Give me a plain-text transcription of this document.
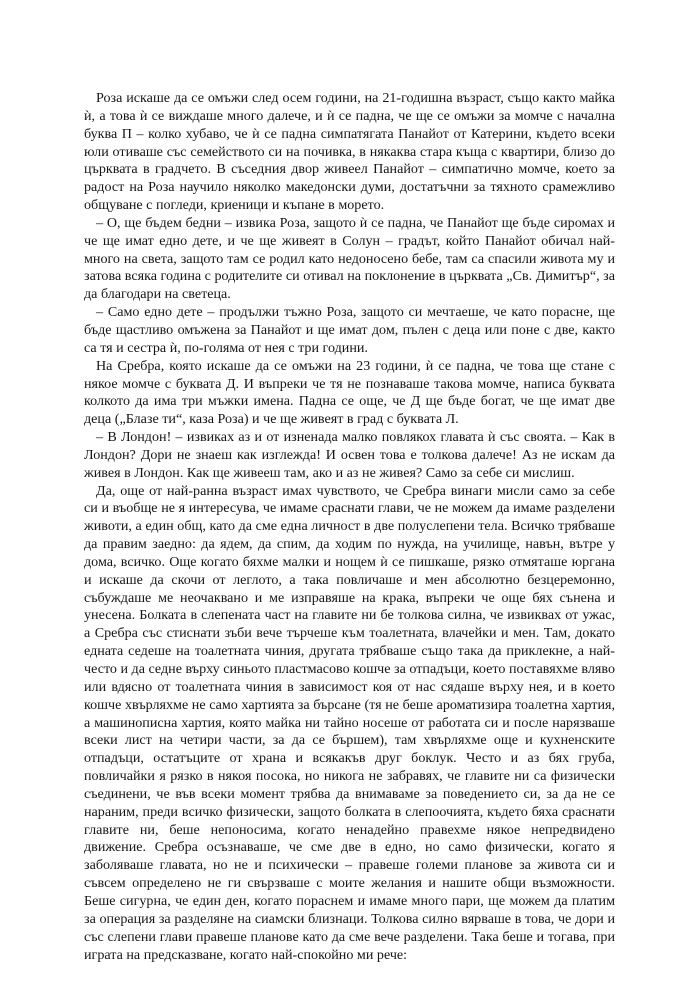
Роза искаше да се омъжи след осем години, на 21-годишна възраст, също както майка ѝ, а това ѝ се виждаше много далече, и ѝ се падна, че ще се омъжи за момче с начална буква П – колко хубаво, че ѝ се падна симпатягата Панайот от Катерини, където всеки юли отиваше със семейството си на почивка, в някаква стара къща с квартири, близо до църквата в градчето. В съседния двор живеел Панайот – симпатично момче, което за радост на Роза научило няколко македонски думи, достатъчни за тяхното срамежливо общуване с погледи, криеници и къпане в морето.

– О, ще бъдем бедни – извика Роза, защото ѝ се падна, че Панайот ще бъде сиромах и че ще имат едно дете, и че ще живеят в Солун – градът, който Панайот обичал най-много на света, защото там се родил като недоносено бебе, там са спасили живота му и затова всяка година с родителите си отивал на поклонение в църквата „Св. Димитър“, за да благодари на светеца.

– Само едно дете – продължи тъжно Роза, защото си мечтаеше, че като порасне, ще бъде щастливо омъжена за Панайот и ще имат дом, пълен с деца или поне с две, както са тя и сестра ѝ, по-голяма от нея с три години.

На Сребра, която искаше да се омъжи на 23 години, ѝ се падна, че това ще стане с някое момче с буквата Д. И въпреки че тя не познаваше такова момче, написа буквата колкото да има три мъжки имена. Падна се още, че Д ще бъде богат, че ще имат две деца („Блазе ти“, каза Роза) и че ще живеят в град с буквата Л.

– В Лондон! – извиках аз и от изненада малко повлякох главата ѝ със своята. – Как в Лондон? Дори не знаеш как изглежда! И освен това е толкова далече! Аз не искам да живея в Лондон. Как ще живееш там, ако и аз не живея? Само за себе си мислиш.

Да, още от най-ранна възраст имах чувството, че Сребра винаги мисли само за себе си и въобще не я интересува, че имаме сраснати глави, че не можем да имаме разделени животи, а един общ, като да сме една личност в две полуслепени тела. Всичко трябваше да правим заедно: да ядем, да спим, да ходим по нужда, на училище, навън, вътре у дома, всичко. Още когато бяхме малки и нощем ѝ се пишкаше, рязко отмяташе юргана и искаше да скочи от леглото, а така повличаше и мен абсолютно безцеремонно, събуждаше ме неочаквано и ме изправяше на крака, въпреки че още бях сънена и унесена. Болката в слепената част на главите ни бе толкова силна, че извиквах от ужас, а Сребра със стиснати зъби вече търчеше към тоалетната, влачейки и мен. Там, докато едната седеше на тоалетната чиния, другата трябваше също така да приклекне, а най-често и да седне върху синьото пластмасово кошче за отпадъци, което поставяхме вляво или вдясно от тоалетната чиния в зависимост коя от нас сядаше върху нея, и в което кошче хвърляхме не само хартията за бърсане (тя не беше ароматизира тоалетна хартия, а машинописна хартия, която майка ни тайно носеше от работата си и после нарязваше всеки лист на четири части, за да се бършем), там хвърляхме още и кухненските отпадъци, остатъците от храна и всякакъв друг боклук. Често и аз бях груба, повличайки я рязко в някоя посока, но никога не забравях, че главите ни са физически съединени, че във всеки момент трябва да внимаваме за поведението си, за да не се нараним, преди всичко физически, защото болката в слепоочията, където бяха сраснати главите ни, беше непоносима, когато ненадейно правехме някое непредвидено движение. Сребра осъзнаваше, че сме две в едно, но само физически, когато я заболяваше главата, но не и психически – правеше големи планове за живота си и съвсем определено не ги свързваше с моите желания и нашите общи възможности. Беше сигурна, че един ден, когато пораснем и имаме много пари, ще можем да платим за операция за разделяне на сиамски близнаци. Толкова силно вярваше в това, че дори и със слепени глави правеше планове като да сме вече разделени. Така беше и тогава, при играта на предсказване, когато най-спокойно ми рече:
